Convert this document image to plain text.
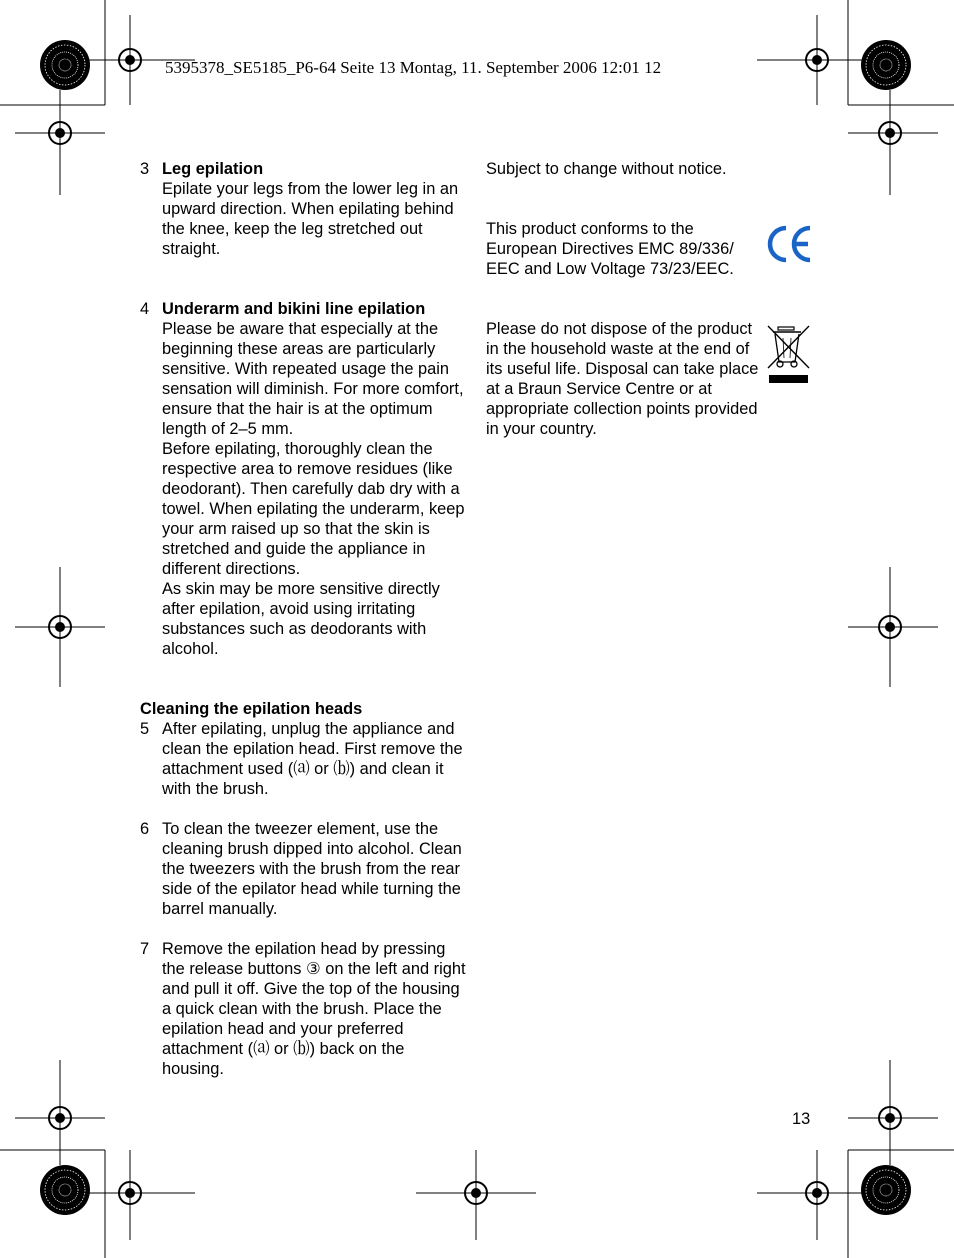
5395378_SE5185_P6-64 Seite 13 Montag, 11. September 2006 12:01 12
3 Leg epilation

Epilate your legs from the lower leg in an upward direction. When epilating behind the knee, keep the leg stretched out straight.

4 Underarm and bikini line epilation

Please be aware that especially at the beginning these areas are particularly sensitive. With repeated usage the pain sensation will diminish. For more comfort, ensure that the hair is at the optimum length of 2–5 mm.

Before epilating, thoroughly clean the respective area to remove residues (like deodorant). Then carefully dab dry with a towel. When epilating the underarm, keep your arm raised up so that the skin is stretched and guide the appliance in different directions.

As skin may be more sensitive directly after epilation, avoid using irritating substances such as deodorants with alcohol.

Cleaning the epilation heads
5 After epilating, unplug the appliance and clean the epilation head. First remove the attachment used (⒜ or ⒝) and clean it with the brush.

6 To clean the tweezer element, use the cleaning brush dipped into alcohol. Clean the tweezers with the brush from the rear side of the epilator head while turning the barrel manually.

7 Remove the epilation head by pressing the release buttons ③ on the left and right and pull it off. Give the top of the housing a quick clean with the brush. Place the epilation head and your preferred attachment (⒜ or ⒝) back on the housing.

Subject to change without notice.

This product conforms to the European Directives EMC 89/336/ EEC and Low Voltage 73/23/EEC.

Please do not dispose of the product in the household waste at the end of its useful life. Disposal can take place at a Braun Service Centre or at appropriate collection points provided in your country.

13
